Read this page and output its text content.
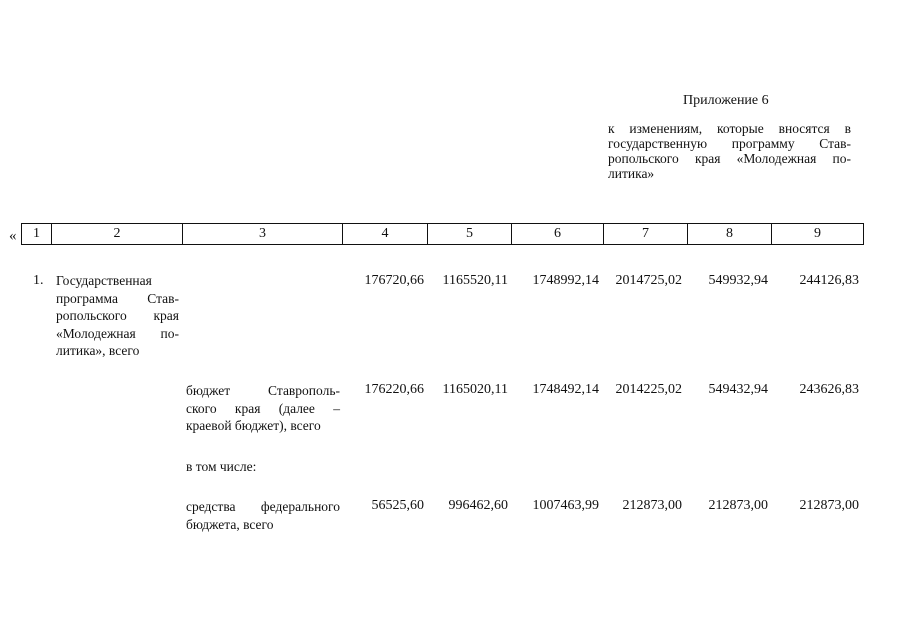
Приложение 6
к изменениям, которые вносятся в
государственную программу Став-
ропольского края «Молодежная по-
литика»
« 1	2	3	4	5	6	7	8	9
1. Государственная
программа Став-
ропольского края
«Молодежная по-
литика», всего
176720,66	1165520,11	1748992,14	2014725,02	549932,94	244126,83
бюджет Ставрополь-
ского края (далее –
краевой бюджет), всего
176220,66	1165020,11	1748492,14	2014225,02	549432,94	243626,83
в том числе:
средства федерального
бюджета, всего
56525,60	996462,60	1007463,99	212873,00	212873,00	212873,00
